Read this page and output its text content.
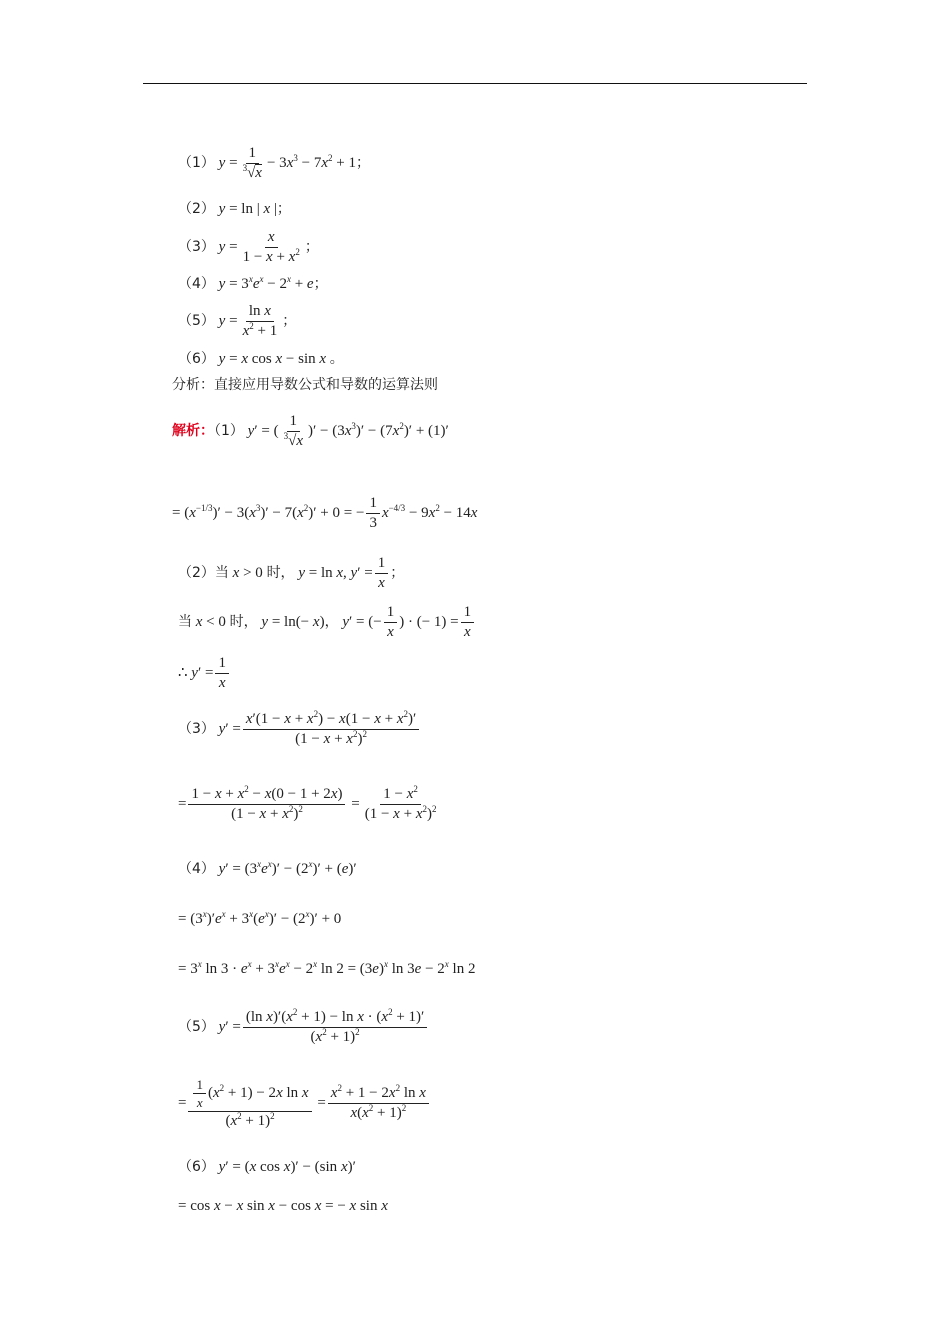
（1） $y = \frac{1}{^3√x} - 3x^3 - 7x^2 + 1$；
（2） y = ln | x |；
（3） $y = \frac{x}{1 - x + x^2}$ ；
（4） $y = 3^xe^x - 2^x + e$；
（5） $y = \frac{\text{ln x}}{x^2 + 1}$ ；
（6） y = x cos x − sin x 。
分析：直接应用导数公式和导数的运算法则
解析：（1） y′ = ( $\frac{1}{^3√x}$ )′ − $(3x^3)' - (7x^2)' + (1)'$
= $(x^{-1/3})' - 3(x^3)' - 7(x^2)' + 0$ = − $\frac{1}{3} x^{-4/3} - 9x^2 - 14x$
（2）当 x > 0 时， y = ln x, $y' = \frac{1}{x}$ ；
当 x < 0 时， y = ln(− x)， y′ = (− $\frac{1}{x}$ ) · (− $1) = \frac{1}{x}$
∴ $y' = \frac{1}{x}$
（3） $y' = \frac{x'(1 - x + x^2) - x(1 - x + x^2)'}{(1 - x + x^2)^2}$
= $\frac{1 - x + x^2 - x(0 - 1 + 2x)}{(1 - x + x^2)^2} = \frac{1 - x^2}{(1 - x + x^2)^2}$
（4） $y' = (3^xe^x)' - (2^x)' + (e)'$
= $(3^x)'e^x + 3^x(e^x)' - (2^x)' + 0$
= $3^x$ $\ln 3 \cdot e^x + 3^xe^x - 2^x$ $\ln 2 = (3e)^x$ $\ln 3e - 2^x$ ln 2
（5） $y' = \frac{(\ln x)'(x^2 + 1) - \ln x \cdot (x^2 + 1)'}{(x^2 + 1)^2}$
= $\frac{\frac{1}{x} (x^2 + 1) - 2x \ln x}{(x^2 + 1)^2} = \frac{x^2 + 1 - 2x^2 \ln x}{x(x^2 + 1)^2}$
（6） y′ = (x cos x)′ − (sin x)′
= cos x − x sin x − cos x = − x sin x
